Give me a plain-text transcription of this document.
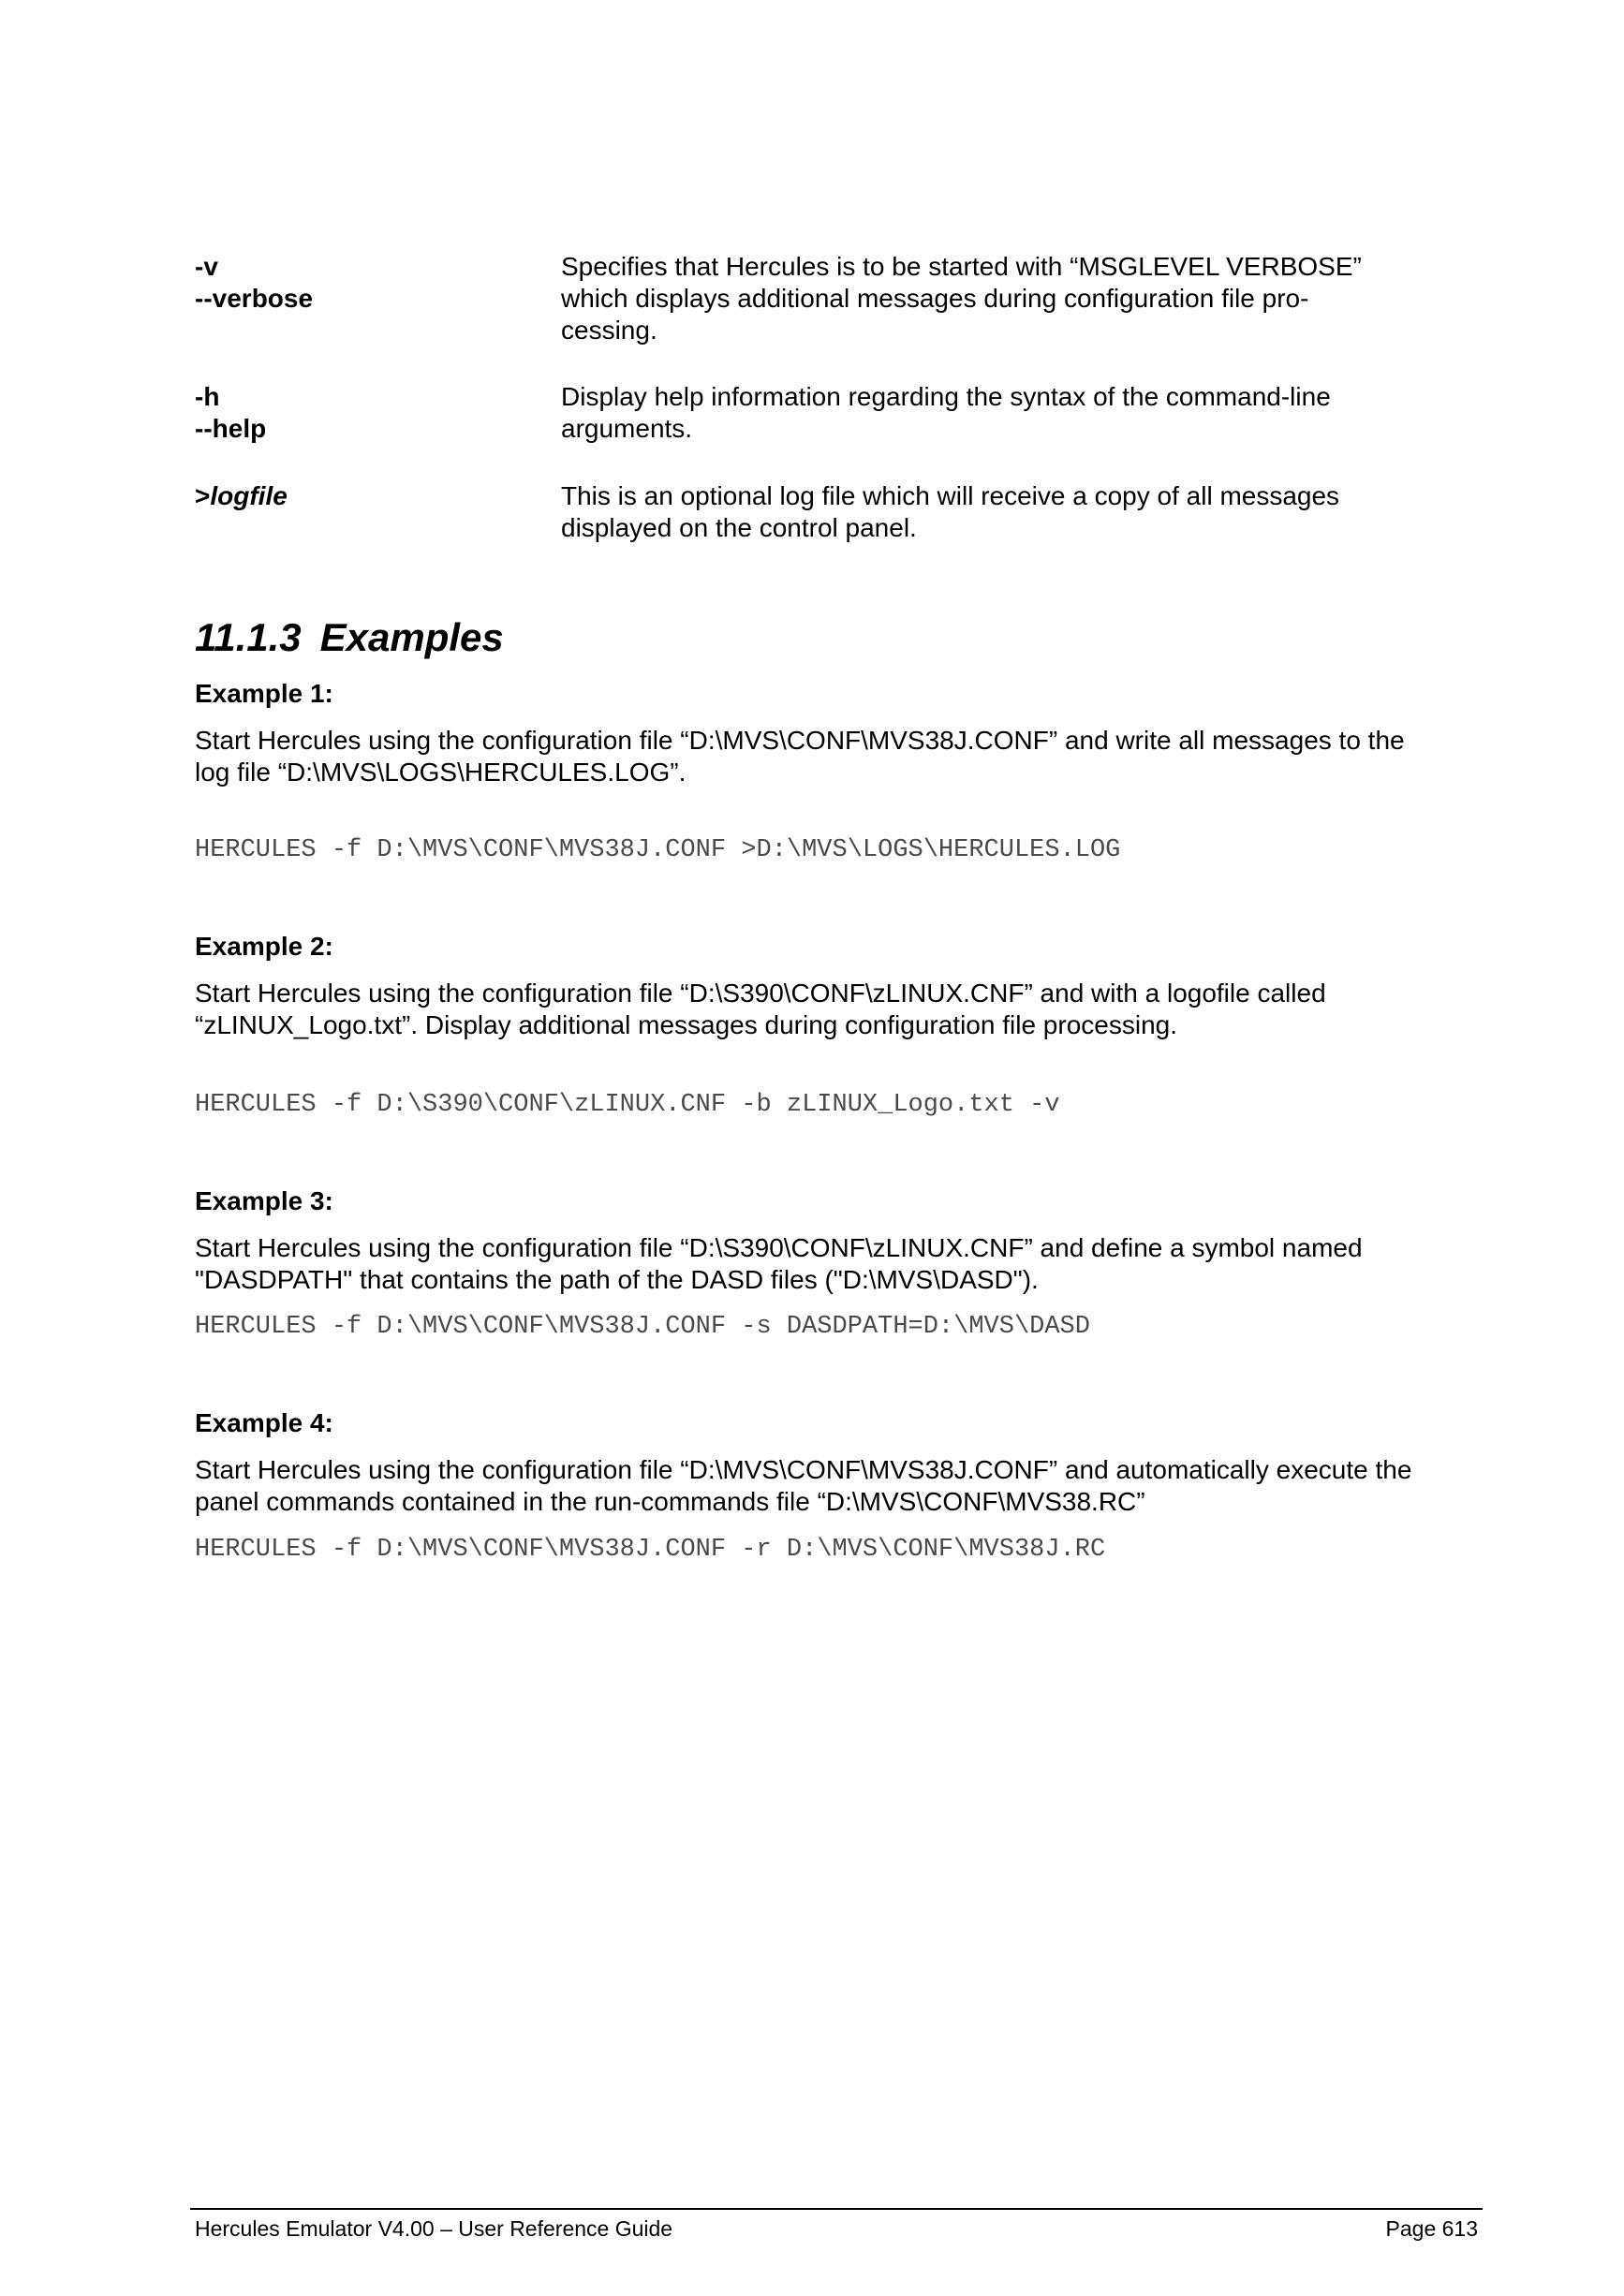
-v
--verbose
Specifies that Hercules is to be started with “MSGLEVEL VERBOSE”
which displays additional messages during configuration file pro-
cessing.
-h
--help
Display help information regarding the syntax of the command-line
arguments.
>logfile	This is an optional log file which will receive a copy of all messages
displayed on the control panel.
11.1.3 Examples
Example 1:
Start Hercules using the configuration file “D:\MVS\CONF\MVS38J.CONF” and write all messages to the
log file “D:\MVS\LOGS\HERCULES.LOG”.
HERCULES -f D:\MVS\CONF\MVS38J.CONF >D:\MVS\LOGS\HERCULES.LOG
Example 2:
Start Hercules using the configuration file “D:\S390\CONF\zLINUX.CNF” and with a logofile called
“zLINUX_Logo.txt”. Display additional messages during configuration file processing.
HERCULES -f D:\S390\CONF\zLINUX.CNF -b zLINUX_Logo.txt -v
Example 3:
Start Hercules using the configuration file “D:\S390\CONF\zLINUX.CNF” and define a symbol named
"DASDPATH" that contains the path of the DASD files ("D:\MVS\DASD").
HERCULES -f D:\MVS\CONF\MVS38J.CONF -s DASDPATH=D:\MVS\DASD
Example 4:
Start Hercules using the configuration file “D:\MVS\CONF\MVS38J.CONF” and automatically execute the
panel commands contained in the run-commands file “D:\MVS\CONF\MVS38.RC”
HERCULES -f D:\MVS\CONF\MVS38J.CONF -r D:\MVS\CONF\MVS38J.RC
Hercules Emulator V4.00 – User Reference Guide	Page 613
